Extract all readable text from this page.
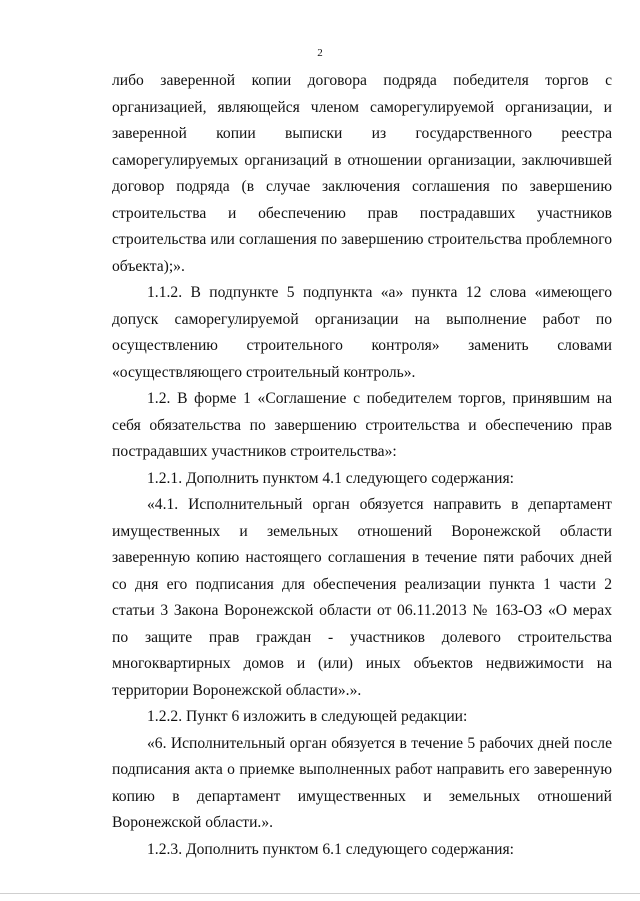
2

либо заверенной копии договора подряда победителя торгов с организацией, являющейся членом саморегулируемой организации, и заверенной копии выписки из государственного реестра саморегулируемых организаций в отношении организации, заключившей договор подряда (в случае заключения соглашения по завершению строительства и обеспечению прав пострадавших участников строительства или соглашения по завершению строительства проблемного объекта);».

1.1.2. В подпункте 5 подпункта «а» пункта 12 слова «имеющего допуск саморегулируемой организации на выполнение работ по осуществлению строительного контроля» заменить словами «осуществляющего строительный контроль».

1.2. В форме 1 «Соглашение с победителем торгов, принявшим на себя обязательства по завершению строительства и обеспечению прав пострадавших участников строительства»:

1.2.1. Дополнить пунктом 4.1 следующего содержания:

«4.1. Исполнительный орган обязуется направить в департамент имущественных и земельных отношений Воронежской области заверенную копию настоящего соглашения в течение пяти рабочих дней со дня его подписания для обеспечения реализации пункта 1 части 2 статьи 3 Закона Воронежской области от 06.11.2013 № 163-ОЗ «О мерах по защите прав граждан - участников долевого строительства многоквартирных домов и (или) иных объектов недвижимости на территории Воронежской области».».

1.2.2. Пункт 6 изложить в следующей редакции:

«6. Исполнительный орган обязуется в течение 5 рабочих дней после подписания акта о приемке выполненных работ направить его заверенную копию в департамент имущественных и земельных отношений Воронежской области.».

1.2.3. Дополнить пунктом 6.1 следующего содержания:
